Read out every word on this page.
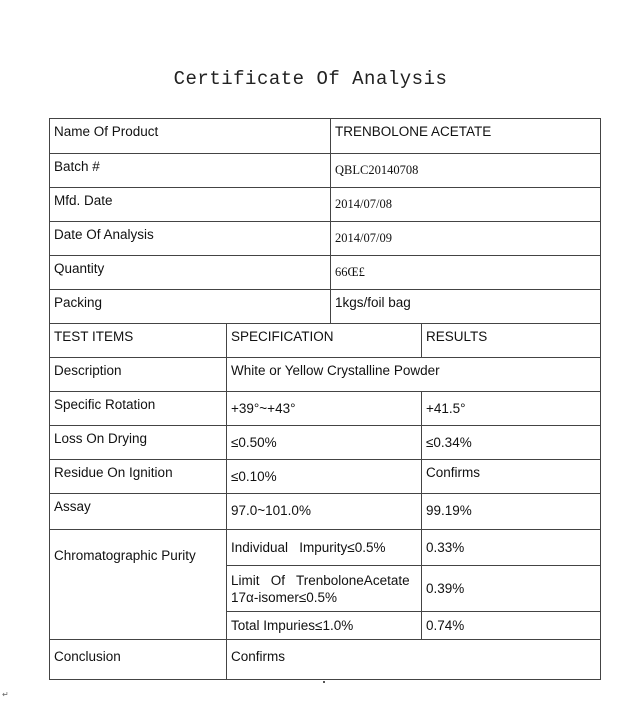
Certificate Of Analysis
Name Of Product		TRENBOLONE ACETATE	
Batch #		QBLC20140708	
Mfd. Date		2014/07/08	
Date Of Analysis		2014/07/09	
Quantity		66Œ£	
Packing		1kgs/foil bag	
TEST ITEMS	SPECIFICATION		RESULTS
Description	White or Yellow Crystalline Powder		
Specific Rotation	+39°~+43°		+41.5°
Loss On Drying	≤0.50%		≤0.34%
Residue On Ignition	≤0.10%		Confirms
Assay	97.0~101.0%		99.19%
Chromatographic Purity	Individual   Impurity≤0.5%		0.33%

	Limit   Of   TrenboloneAcetate
17α-isomer≤0.5%		0.39%
	Total Impuries≤1.0%		0.74%
Conclusion	Confirms		
↵
